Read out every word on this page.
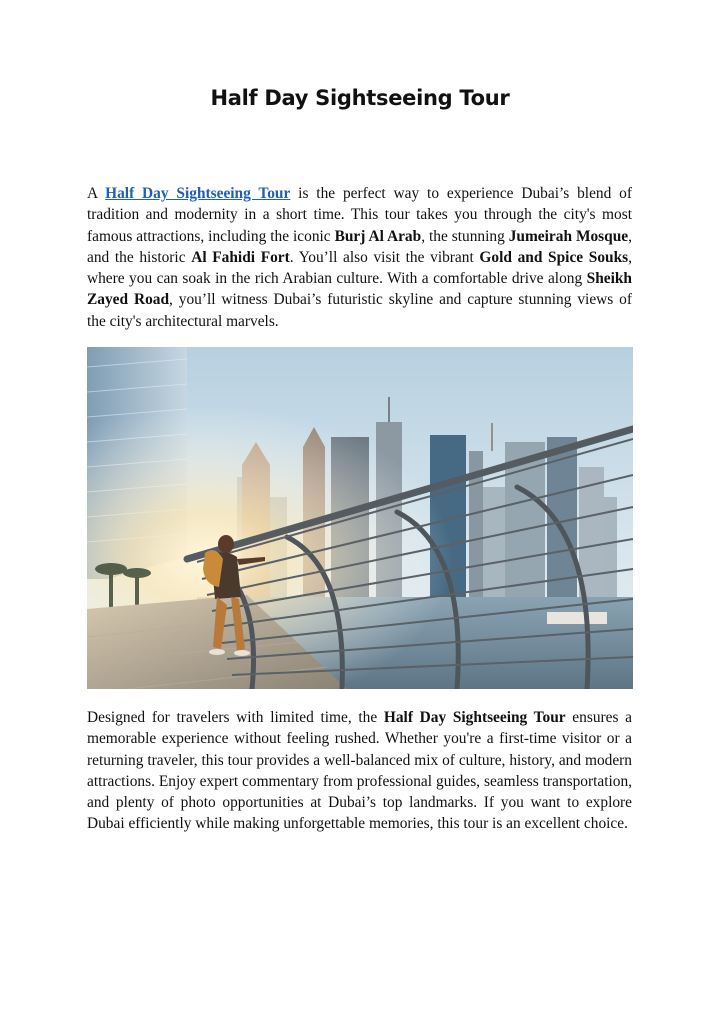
Half Day Sightseeing Tour

A Half Day Sightseeing Tour is the perfect way to experience Dubai’s blend of tradition and modernity in a short time. This tour takes you through the city's most famous attractions, including the iconic Burj Al Arab, the stunning Jumeirah Mosque, and the historic Al Fahidi Fort. You’ll also visit the vibrant Gold and Spice Souks, where you can soak in the rich Arabian culture. With a comfortable drive along Sheikh Zayed Road, you’ll witness Dubai’s futuristic skyline and capture stunning views of the city's architectural marvels.

Designed for travelers with limited time, the Half Day Sightseeing Tour ensures a memorable experience without feeling rushed. Whether you're a first-time visitor or a returning traveler, this tour provides a well-balanced mix of culture, history, and modern attractions. Enjoy expert commentary from professional guides, seamless transportation, and plenty of photo opportunities at Dubai’s top landmarks. If you want to explore Dubai efficiently while making unforgettable memories, this tour is an excellent choice.
